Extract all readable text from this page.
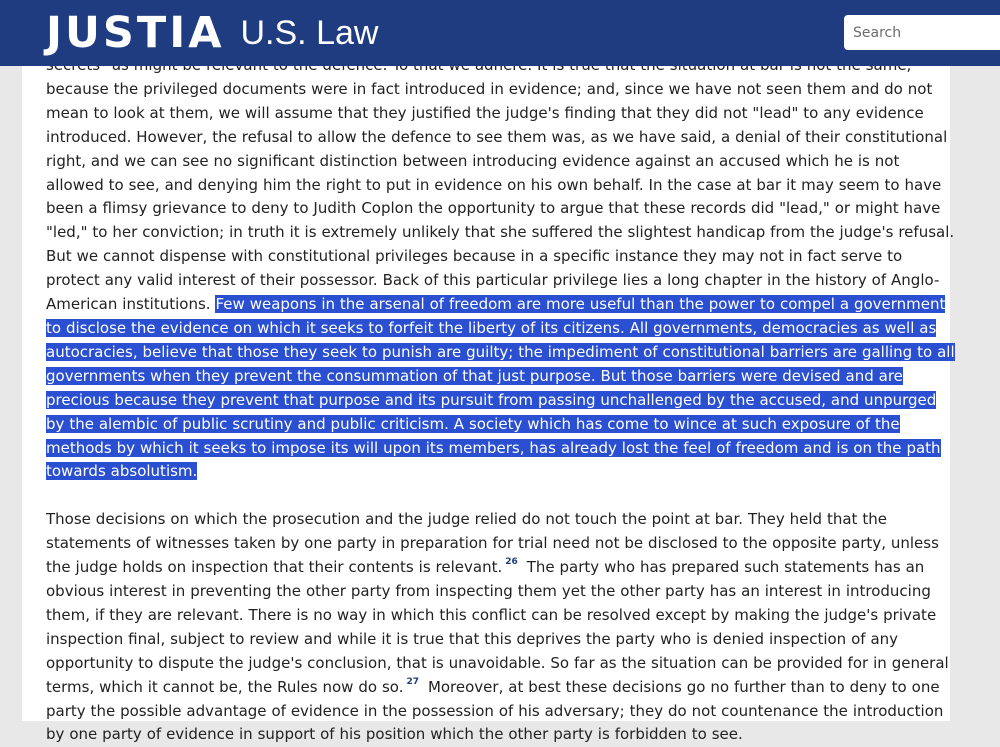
JUSTIA U.S. Law
Search

because the privileged documents were in fact introduced in evidence; and, since we have not seen them and do not mean to look at them, we will assume that they justified the judge's finding that they did not "lead" to any evidence introduced. However, the refusal to allow the defence to see them was, as we have said, a denial of their constitutional right, and we can see no significant distinction between introducing evidence against an accused which he is not allowed to see, and denying him the right to put in evidence on his own behalf. In the case at bar it may seem to have been a flimsy grievance to deny to Judith Coplon the opportunity to argue that these records did "lead," or might have "led," to her conviction; in truth it is extremely unlikely that she suffered the slightest handicap from the judge's refusal. But we cannot dispense with constitutional privileges because in a specific instance they may not in fact serve to protect any valid interest of their possessor. Back of this particular privilege lies a long chapter in the history of Anglo-American institutions. Few weapons in the arsenal of freedom are more useful than the power to compel a government to disclose the evidence on which it seeks to forfeit the liberty of its citizens. All governments, democracies as well as autocracies, believe that those they seek to punish are guilty; the impediment of constitutional barriers are galling to all governments when they prevent the consummation of that just purpose. But those barriers were devised and are precious because they prevent that purpose and its pursuit from passing unchallenged by the accused, and unpurged by the alembic of public scrutiny and public criticism. A society which has come to wince at such exposure of the methods by which it seeks to impose its will upon its members, has already lost the feel of freedom and is on the path towards absolutism.

Those decisions on which the prosecution and the judge relied do not touch the point at bar. They held that the statements of witnesses taken by one party in preparation for trial need not be disclosed to the opposite party, unless the judge holds on inspection that their contents is relevant. $^{26}$ The party who has prepared such statements has an obvious interest in preventing the other party from inspecting them yet the other party has an interest in introducing them, if they are relevant. There is no way in which this conflict can be resolved except by making the judge's private inspection final, subject to review and while it is true that this deprives the party who is denied inspection of any opportunity to dispute the judge's conclusion, that is unavoidable. So far as the situation can be provided for in general terms, which it cannot be, the Rules now do so. $^{27}$ Moreover, at best these decisions go no further than to deny to one party the possible advantage of evidence in the possession of his adversary; they do not countenance the introduction by one party of evidence in support of his position which the other party is forbidden to see.
